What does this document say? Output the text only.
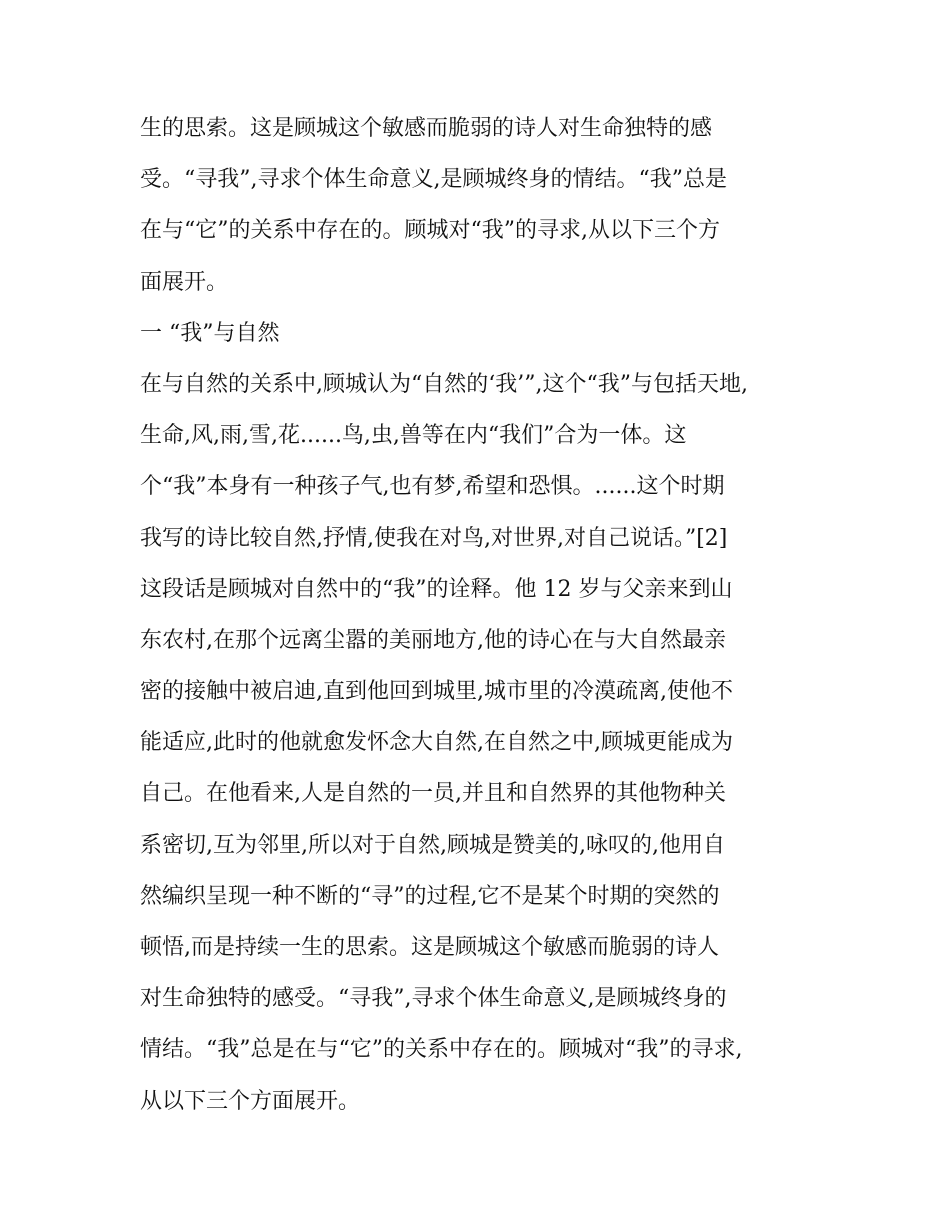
生的思索。这是顾城这个敏感而脆弱的诗人对生命独特的感

受。“寻我”,寻求个体生命意义,是顾城终身的情结。“我”总是

在与“它”的关系中存在的。顾城对“我”的寻求,从以下三个方

面展开。

一 “我”与自然

在与自然的关系中,顾城认为“自然的‘我’”,这个“我”与包括天地,

生命,风,雨,雪,花......鸟,虫,兽等在内“我们”合为一体。这

个“我”本身有一种孩子气,也有梦,希望和恐惧。......这个时期

我写的诗比较自然,抒情,使我在对鸟,对世界,对自己说话。”[2]

这段话是顾城对自然中的“我”的诠释。他 12 岁与父亲来到山

东农村,在那个远离尘嚣的美丽地方,他的诗心在与大自然最亲

密的接触中被启迪,直到他回到城里,城市里的冷漠疏离,使他不

能适应,此时的他就愈发怀念大自然,在自然之中,顾城更能成为

自己。在他看来,人是自然的一员,并且和自然界的其他物种关

系密切,互为邻里,所以对于自然,顾城是赞美的,咏叹的,他用自

然编织呈现一种不断的“寻”的过程,它不是某个时期的突然的

顿悟,而是持续一生的思索。这是顾城这个敏感而脆弱的诗人

对生命独特的感受。“寻我”,寻求个体生命意义,是顾城终身的

情结。“我”总是在与“它”的关系中存在的。顾城对“我”的寻求,

从以下三个方面展开。
